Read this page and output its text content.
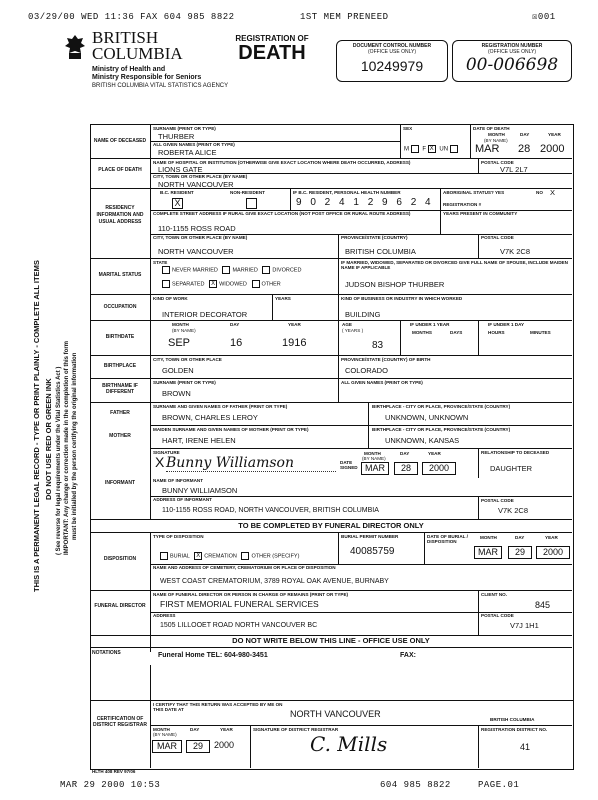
03/29/00 WED 11:36 FAX 604 985 8822	1ST MEM PRENEED	☒001
THIS IS A PERMANENT LEGAL RECORD - TYPE OR PRINT PLAINLY - COMPLETE ALL ITEMS DO NOT USE RED OR GREEN INK ( See reverse for legal requirements under the Vital Statistics Act ) IMPORTANT: Any change or correction made in the completion of this form must be initialled by the person certifying the original information
BRITISH
COLUMBIA
Ministry of Health and
Ministry Responsible for Seniors
BRITISH COLUMBIA VITAL STATISTICS AGENCY
REGISTRATION OF
DEATH	DOCUMENT CONTROL NUMBER
(OFFICE USE ONLY)
10249979
REGISTRATION NUMBER
(OFFICE USE ONLY)
00-006698
NAME OF DECEASED
SURNAME (PRINT OR TYPE)
THURBER
ALL GIVEN NAMES (PRINT OR TYPE)
ROBERTA ALICE
SEX
M F X UN
DATE OF DEATH
MONTH	DAY	YEAR
(BY NAME)
MAR 28 2000
PLACE OF DEATH
NAME OF HOSPITAL OR INSTITUTION (OTHERWISE GIVE EXACT LOCATION WHERE DEATH OCCURRED, ADDRESS)
LIONS GATE
POSTAL CODE
V7L 2L7
CITY, TOWN OR OTHER PLACE (BY NAME)
NORTH VANCOUVER
RESIDENCY INFORMATION AND USUAL ADDRESS
B.C. RESIDENT	NON-RESIDENT
X
IF B.C. RESIDENT, PERSONAL HEALTH NUMBER
9 0 2 4 1 2 9 6 2 4
ABORIGINAL STATUS? YES	NO X
REGISTRATION #
COMPLETE STREET ADDRESS IF RURAL GIVE EXACT LOCATION (NOT POST OFFICE OR RURAL ROUTE ADDRESS)
110-1155 ROSS ROAD
YEARS PRESENT IN COMMUNITY
CITY, TOWN OR OTHER PLACE (BY NAME)
NORTH VANCOUVER
PROVINCE/STATE (COUNTRY)
BRITISH COLUMBIA
POSTAL CODE
V7K 2C8
MARITAL STATUS
STATE
NEVER MARRIED	MARRIED	DIVORCED
SEPARATED X WIDOWED	OTHER
IF MARRIED, WIDOWED, SEPARATED OR DIVORCED GIVE FULL NAME OF SPOUSE, INCLUDE MAIDEN NAME IF APPLICABLE
JUDSON BISHOP THURBER
OCCUPATION
KIND OF WORK
INTERIOR DECORATOR
YEARS	KIND OF BUSINESS OR INDUSTRY IN WHICH WORKED
BUILDING
BIRTHDATE
MONTH
(BY NAME)
DAY	YEAR
SEP	16	1916
AGE
( YEARS )
83
IF UNDER 1 YEAR
MONTHS	DAYS
IF UNDER 1 DAY
HOURS	MINUTES
BIRTHPLACE
CITY, TOWN OR OTHER PLACE
GOLDEN
PROVINCE/STATE (COUNTRY) OF BIRTH
COLORADO
BIRTHNAME IF DIFFERENT
SURNAME (PRINT OR TYPE)
BROWN
ALL GIVEN NAMES (PRINT OR TYPE)
FATHER
SURNAME AND GIVEN NAMES OF FATHER (PRINT OR TYPE)
BROWN, CHARLES LEROY
BIRTHPLACE - CITY OR PLACE, PROVINCE/STATE (COUNTRY)
UNKNOWN, UNKNOWN
MOTHER
MAIDEN SURNAME AND GIVEN NAMES OF MOTHER (PRINT OR TYPE)
HART, IRENE HELEN
BIRTHPLACE - CITY OR PLACE, PROVINCE/STATE (COUNTRY)
UNKNOWN, KANSAS
INFORMANT
SIGNATURE
X Bunny Williamson	DATE SIGNED
MONTH
(BY NAME)
DAY	YEAR
MAR	28	2000
RELATIONSHIP TO DECEASED
DAUGHTER
NAME OF INFORMANT
BUNNY WILLIAMSON
ADDRESS OF INFORMANT
110-1155 ROSS ROAD, NORTH VANCOUVER, BRITISH COLUMBIA
POSTAL CODE
V7K 2C8
TO BE COMPLETED BY FUNERAL DIRECTOR ONLY
DISPOSITION
TYPE OF DISPOSITION
BURIAL X CREMATION	OTHER (SPECIFY)
BURIAL PERMIT NUMBER
40085759
DATE OF BURIAL / DISPOSITION
MONTH	DAY	YEAR
MAR	29	2000
NAME AND ADDRESS OF CEMETERY, CREMATORIUM OR PLACE OF DISPOSITION
WEST COAST CREMATORIUM, 3789 ROYAL OAK AVENUE, BURNABY
FUNERAL DIRECTOR
NAME OF FUNERAL DIRECTOR OR PERSON IN CHARGE OF REMAINS (PRINT OR TYPE)
FIRST MEMORIAL FUNERAL SERVICES
CLIENT NO.
845
ADDRESS
1505 LILLOOET ROAD NORTH VANCOUVER BC
POSTAL CODE
V7J 1H1
DO NOT WRITE BELOW THIS LINE - OFFICE USE ONLY
NOTATIONS	Funeral Home TEL: 604-980-3451	FAX:
CERTIFICATION OF DISTRICT REGISTRAR
I CERTIFY THAT THIS RETURN WAS ACCEPTED BY ME ON THIS DATE AT	NORTH VANCOUVER
BRITISH COLUMBIA
MONTH
(BY NAME)
DAY	YEAR
MAR	29	2000
SIGNATURE OF DISTRICT REGISTRAR
C. Mills
REGISTRATION DISTRICT NO.
41
HLTH 408 REV 97/06
MAR 29 2000 10:53	604 985 8822	PAGE.01
